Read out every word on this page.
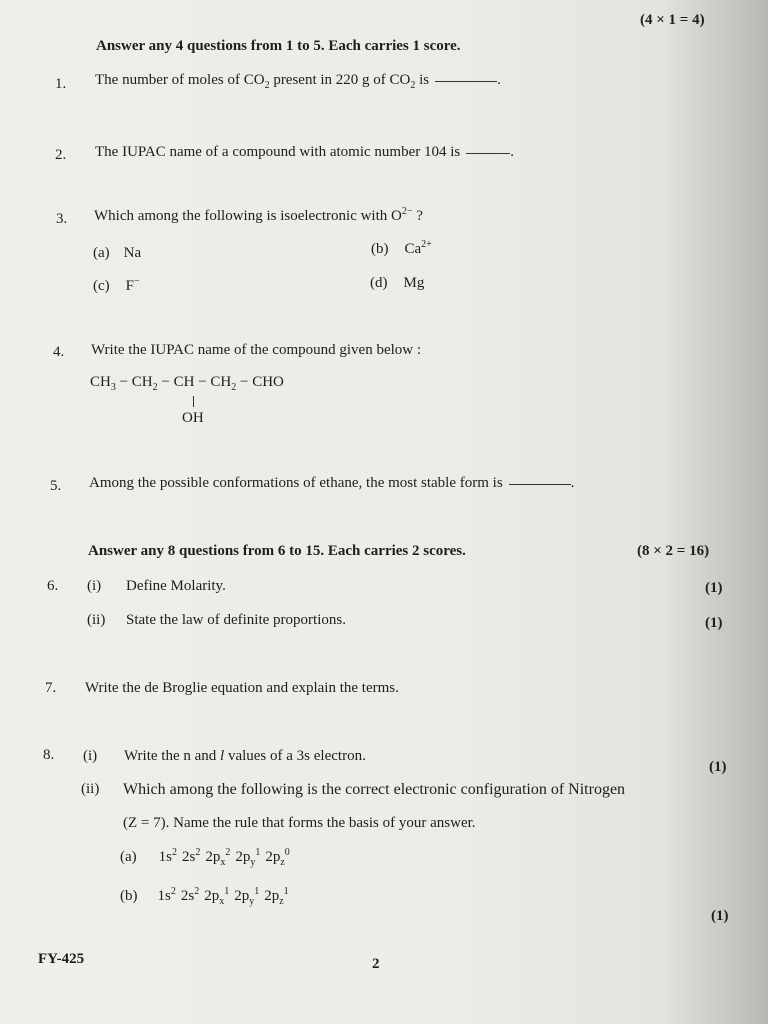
(4 × 1 = 4)
Answer any 4 questions from 1 to 5. Each carries 1 score.
1. The number of moles of $CO_2$ present in 220 g of $CO_2$ is	.
2. The IUPAC name of a compound with atomic number 104 is	.
3. Which among the following is isoelectronic with $O^{2-}$ ?
(a) Na	(b) $Ca^{2+}$
(c) F−	(d) Mg
4. Write the IUPAC name of the compound given below :
$CH_3 - CH_2$ − CH − $CH_2$ − CHO
OH
5. Among the possible conformations of ethane, the most stable form is	.
Answer any 8 questions from 6 to 15. Each carries 2 scores.	(8 × 2 = 16)
6. (i) Define Molarity.	(1)
(ii) State the law of definite proportions.	(1)
7. Write the de Broglie equation and explain the terms.
8. (i) Write the n and l values of a 3s electron.
(1)
(ii) Which among the following is the correct electronic configuration of Nitrogen
(Z = 7). Name the rule that forms the basis of your answer.
(a) $1s^2$ $2s^2$ $2p_x^2$ $2p_y^1$ $2p_z^0$
(b) $1s^2$ $2s^2$ $2p_x^1$ $2p_y^1$ $2p_z^1$
(1)
FY-425	2
